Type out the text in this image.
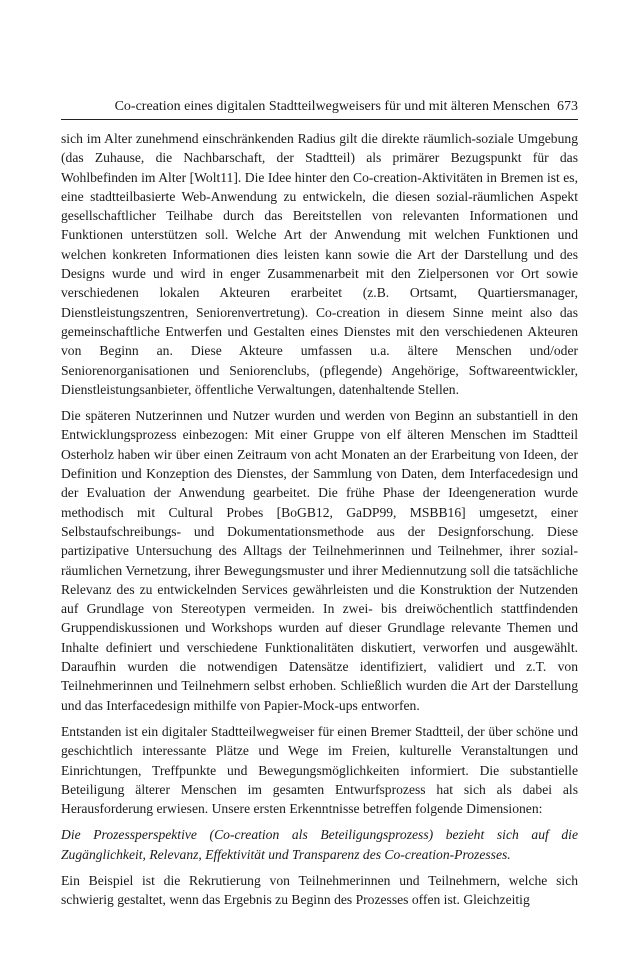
Co-creation eines digitalen Stadtteilwegweisers für und mit älteren Menschen 673

sich im Alter zunehmend einschränkenden Radius gilt die direkte räumlich-soziale Umgebung (das Zuhause, die Nachbarschaft, der Stadtteil) als primärer Bezugspunkt für das Wohlbefinden im Alter [Wolt11]. Die Idee hinter den Co-creation-Aktivitäten in Bremen ist es, eine stadtteilbasierte Web-Anwendung zu entwickeln, die diesen sozial-räumlichen Aspekt gesellschaftlicher Teilhabe durch das Bereitstellen von relevanten Informationen und Funktionen unterstützen soll. Welche Art der Anwendung mit welchen Funktionen und welchen konkreten Informationen dies leisten kann sowie die Art der Darstellung und des Designs wurde und wird in enger Zusammenarbeit mit den Zielpersonen vor Ort sowie verschiedenen lokalen Akteuren erarbeitet (z.B. Ortsamt, Quartiersmanager, Dienstleistungszentren, Seniorenvertretung). Co-creation in diesem Sinne meint also das gemeinschaftliche Entwerfen und Gestalten eines Dienstes mit den verschiedenen Akteuren von Beginn an. Diese Akteure umfassen u.a. ältere Menschen und/oder Seniorenorganisationen und Seniorenclubs, (pflegende) Angehörige, Softwareentwickler, Dienstleistungsanbieter, öffentliche Verwaltungen, datenhaltende Stellen.

Die späteren Nutzerinnen und Nutzer wurden und werden von Beginn an substantiell in den Entwicklungsprozess einbezogen: Mit einer Gruppe von elf älteren Menschen im Stadtteil Osterholz haben wir über einen Zeitraum von acht Monaten an der Erarbeitung von Ideen, der Definition und Konzeption des Dienstes, der Sammlung von Daten, dem Interfacedesign und der Evaluation der Anwendung gearbeitet. Die frühe Phase der Ideengeneration wurde methodisch mit Cultural Probes [BoGB12, GaDP99, MSBB16] umgesetzt, einer Selbstaufschreibungs- und Dokumentationsmethode aus der Designforschung. Diese partizipative Untersuchung des Alltags der Teilnehmerinnen und Teilnehmer, ihrer sozial-räumlichen Vernetzung, ihrer Bewegungsmuster und ihrer Mediennutzung soll die tatsächliche Relevanz des zu entwickelnden Services gewährleisten und die Konstruktion der Nutzenden auf Grundlage von Stereotypen vermeiden. In zwei- bis dreiwöchentlich stattfindenden Gruppendiskussionen und Workshops wurden auf dieser Grundlage relevante Themen und Inhalte definiert und verschiedene Funktionalitäten diskutiert, verworfen und ausgewählt. Daraufhin wurden die notwendigen Datensätze identifiziert, validiert und z.T. von Teilnehmerinnen und Teilnehmern selbst erhoben. Schließlich wurden die Art der Darstellung und das Interfacedesign mithilfe von Papier-Mock-ups entworfen.

Entstanden ist ein digitaler Stadtteilwegweiser für einen Bremer Stadtteil, der über schöne und geschichtlich interessante Plätze und Wege im Freien, kulturelle Veranstaltungen und Einrichtungen, Treffpunkte und Bewegungsmöglichkeiten informiert. Die substantielle Beteiligung älterer Menschen im gesamten Entwurfsprozess hat sich als dabei als Herausforderung erwiesen. Unsere ersten Erkenntnisse betreffen folgende Dimensionen:

Die Prozessperspektive (Co-creation als Beteiligungsprozess) bezieht sich auf die Zugänglichkeit, Relevanz, Effektivität und Transparenz des Co-creation-Prozesses.

Ein Beispiel ist die Rekrutierung von Teilnehmerinnen und Teilnehmern, welche sich schwierig gestaltet, wenn das Ergebnis zu Beginn des Prozesses offen ist. Gleichzeitig
